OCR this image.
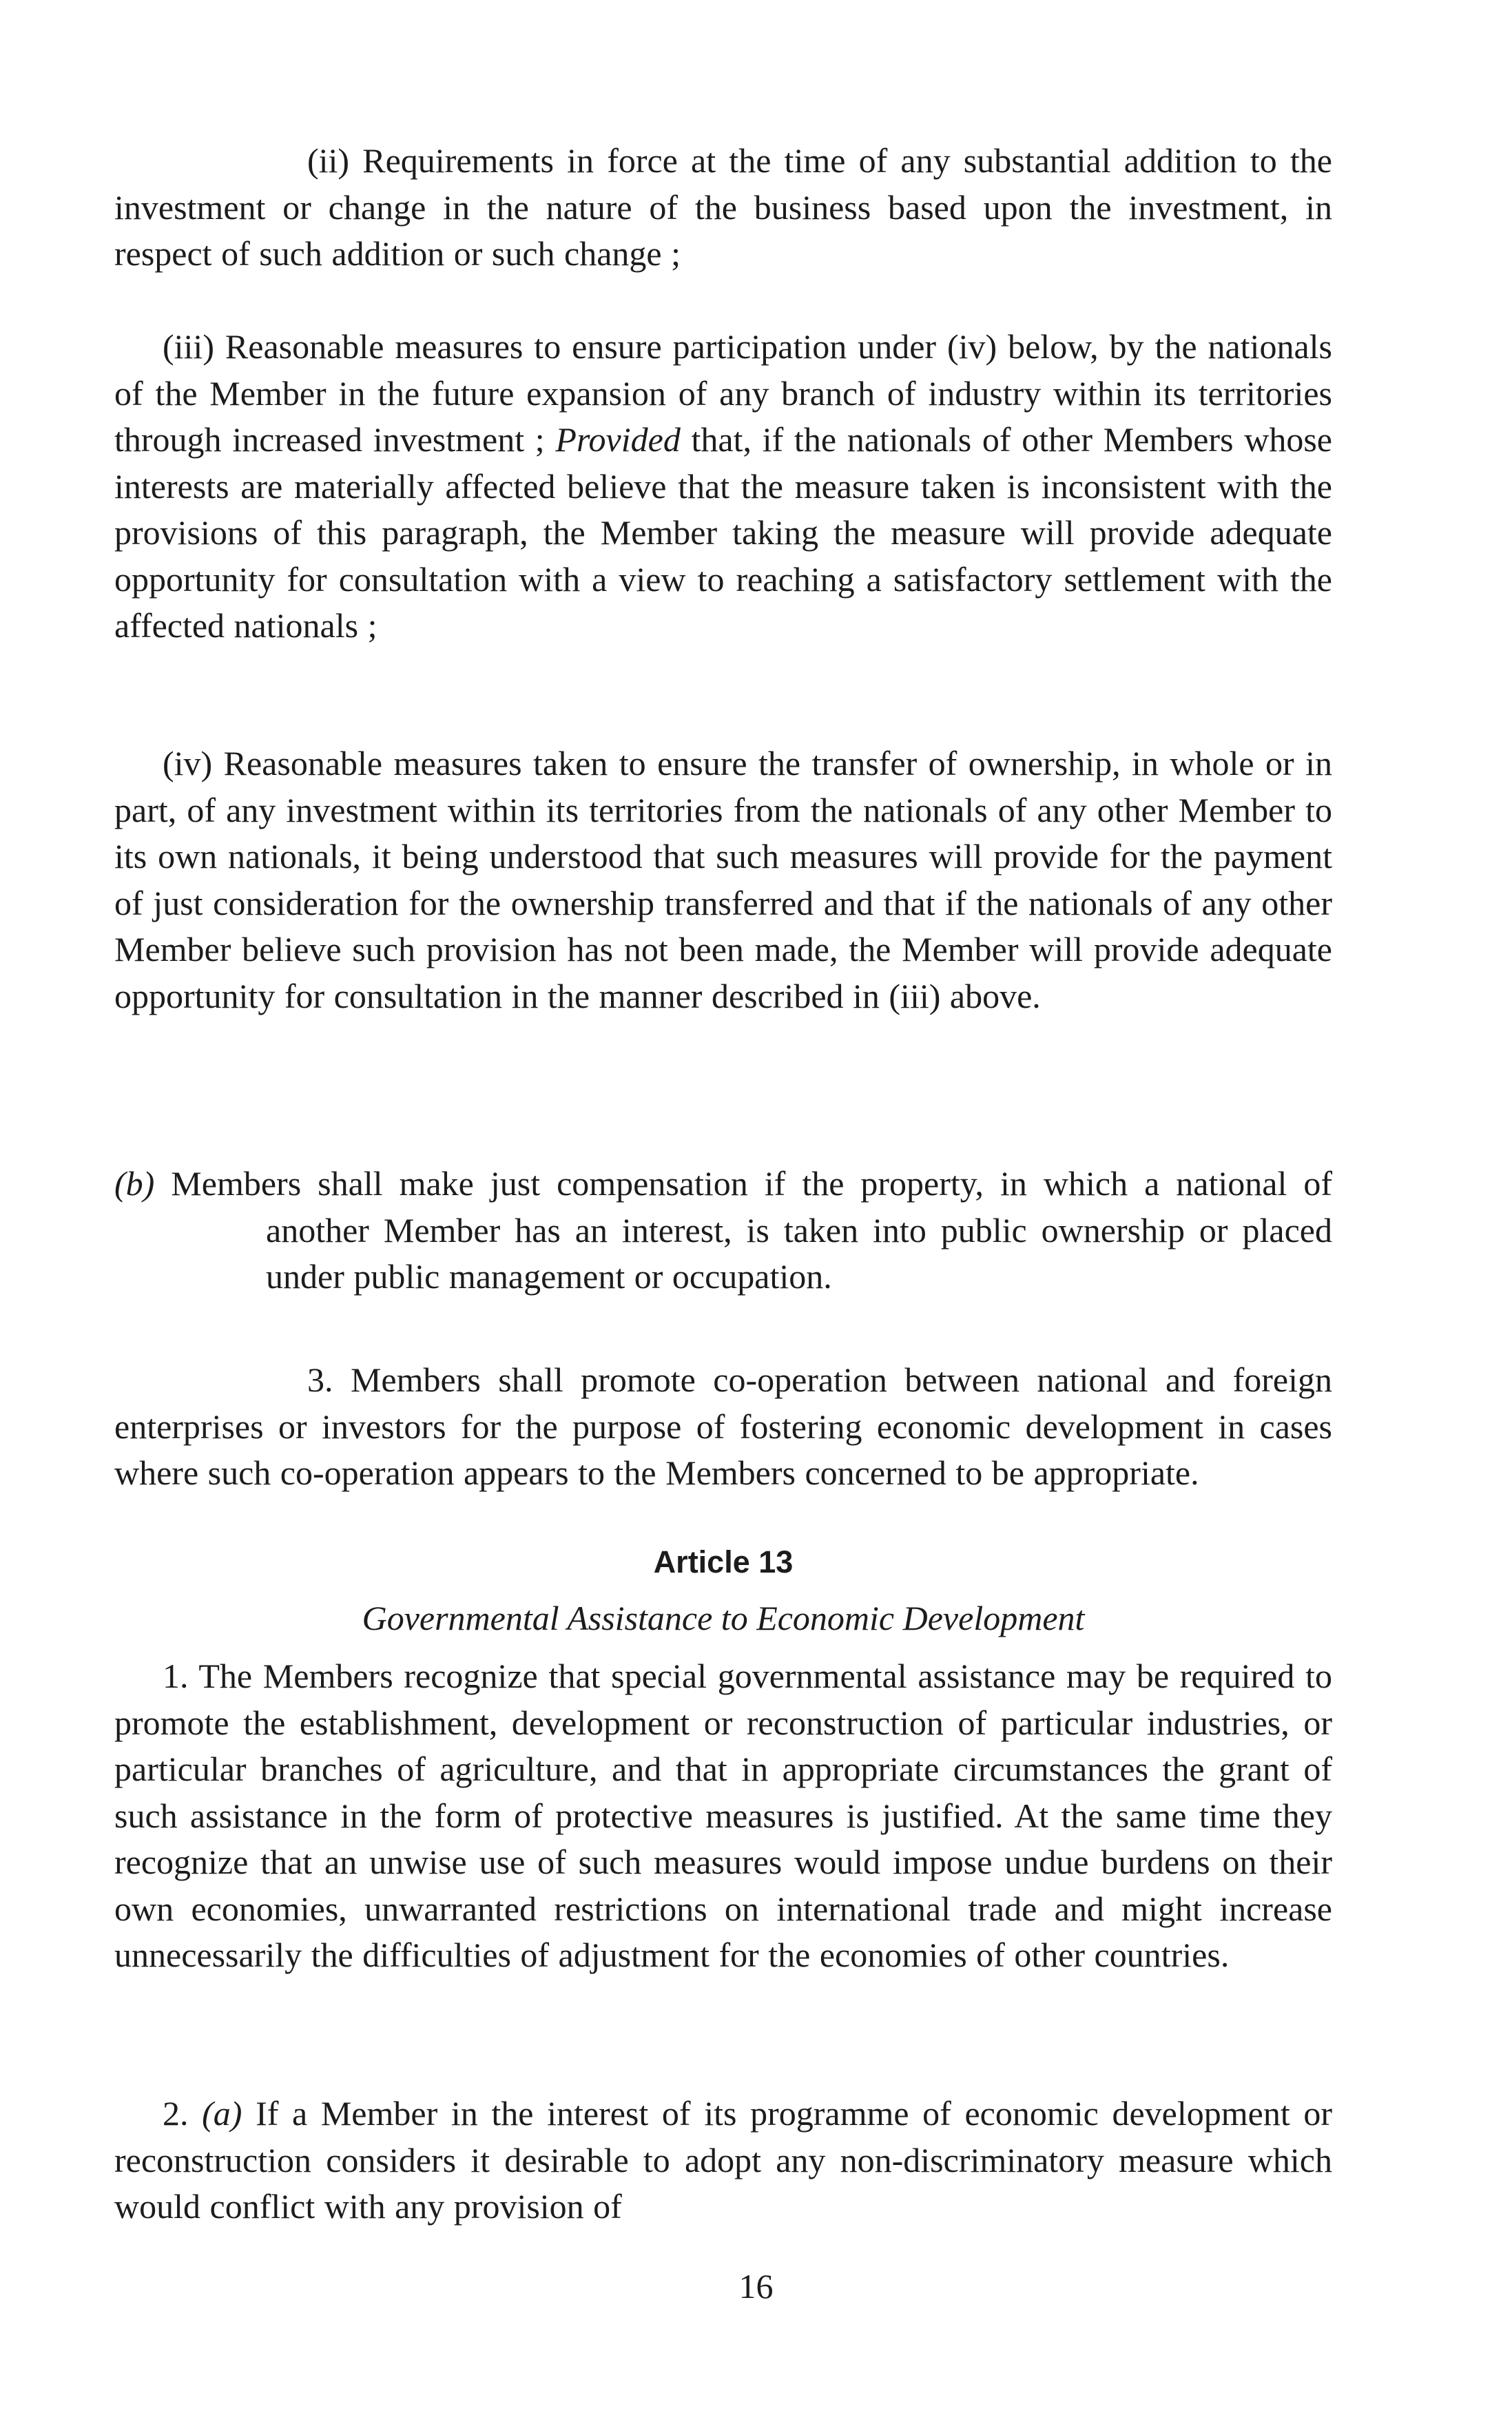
(ii) Requirements in force at the time of any substantial addition to the investment or change in the nature of the business based upon the investment, in respect of such addition or such change ;

(iii) Reasonable measures to ensure participation under (iv) below, by the nationals of the Member in the future expansion of any branch of industry within its territories through increased investment ; Provided that, if the nationals of other Members whose interests are materially affected believe that the measure taken is inconsistent with the provisions of this paragraph, the Member taking the measure will provide adequate opportunity for consultation with a view to reaching a satisfactory settlement with the affected nationals ;

(iv) Reasonable measures taken to ensure the transfer of ownership, in whole or in part, of any investment within its territories from the nationals of any other Member to its own nationals, it being understood that such measures will provide for the payment of just consideration for the ownership transferred and that if the nationals of any other Member believe such provision has not been made, the Member will provide adequate opportunity for consultation in the manner described in (iii) above.

(b) Members shall make just compensation if the property, in which a national of another Member has an interest, is taken into public ownership or placed under public management or occupation.

3. Members shall promote co-operation between national and foreign enterprises or investors for the purpose of fostering economic development in cases where such co-operation appears to the Members concerned to be appropriate.

Article 13
Governmental Assistance to Economic Development

1. The Members recognize that special governmental assistance may be required to promote the establishment, development or reconstruction of particular industries, or particular branches of agriculture, and that in appropriate circumstances the grant of such assistance in the form of protective measures is justified. At the same time they recognize that an unwise use of such measures would impose undue burdens on their own economies, unwarranted restrictions on international trade and might increase unnecessarily the difficulties of adjustment for the economies of other countries.

2. (a) If a Member in the interest of its programme of economic development or reconstruction considers it desirable to adopt any non-discriminatory measure which would conflict with any provision of

16
